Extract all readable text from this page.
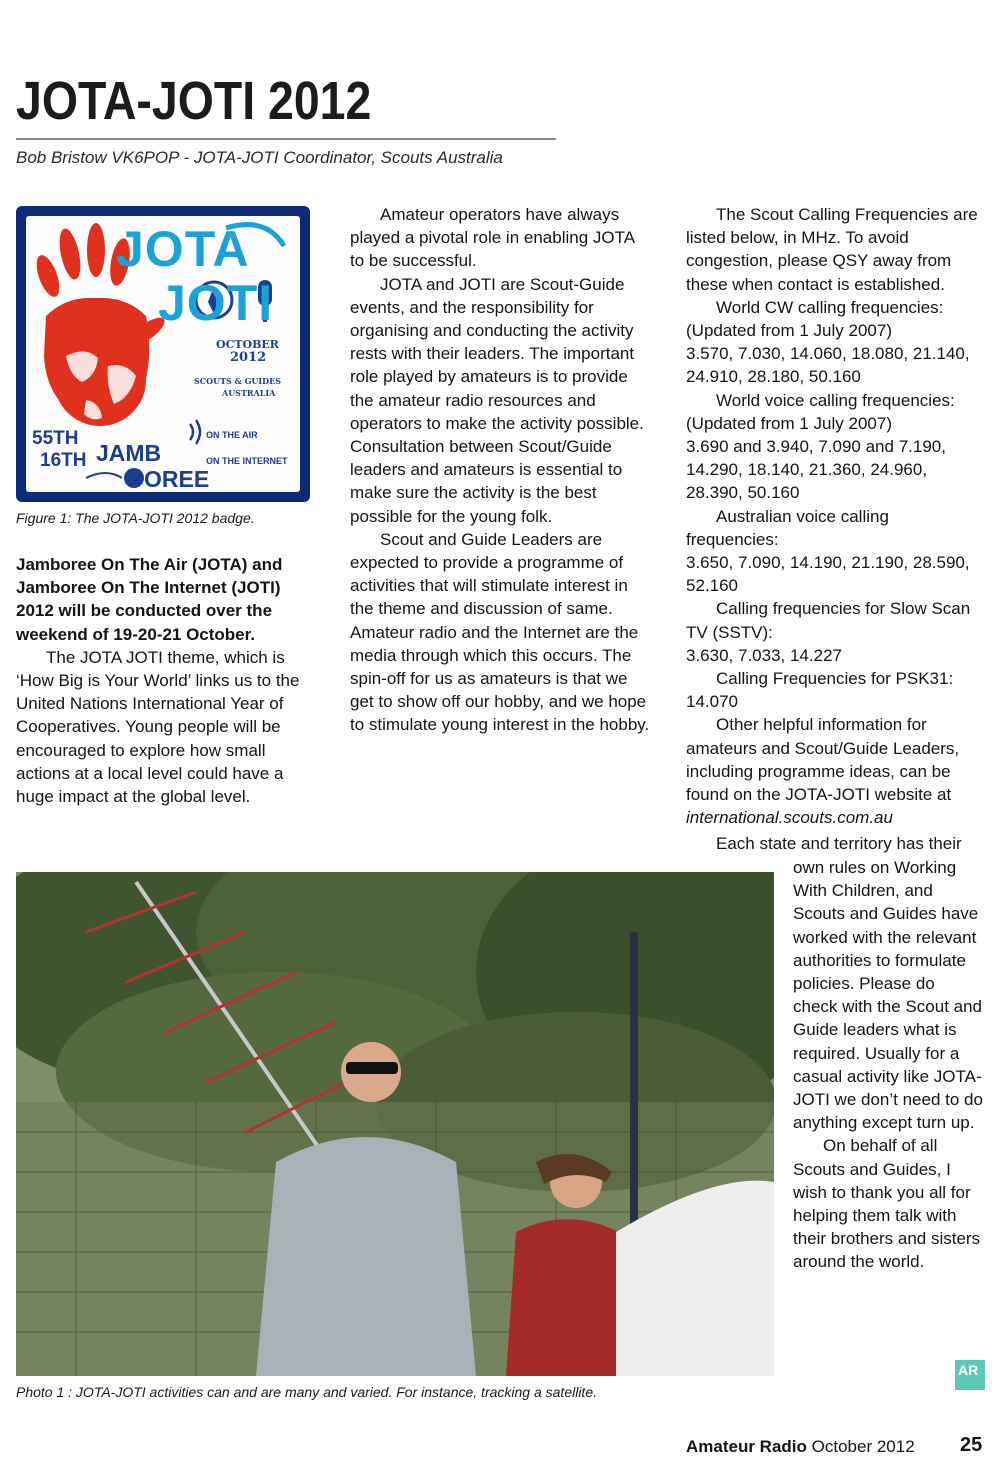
JOTA-JOTI 2012
Bob Bristow VK6POP - JOTA-JOTI Coordinator, Scouts Australia
JOTA
JOTI
OCTOBER
2012
SCOUTS & GUIDES
AUSTRALIA
55TH
16TH JAMB
OREE
ON THE AIR
ON THE INTERNET
Figure 1: The JOTA-JOTI 2012 badge.

Jamboree On The Air (JOTA) and Jamboree On The Internet (JOTI) 2012 will be conducted over the weekend of 19-20-21 October.

The JOTA JOTI theme, which is ‘How Big is Your World’ links us to the United Nations International Year of Cooperatives. Young people will be encouraged to explore how small actions at a local level could have a huge impact at the global level.

Amateur operators have always played a pivotal role in enabling JOTA to be successful.

JOTA and JOTI are Scout-Guide events, and the responsibility for organising and conducting the activity rests with their leaders. The important role played by amateurs is to provide the amateur radio resources and operators to make the activity possible. Consultation between Scout/Guide leaders and amateurs is essential to make sure the activity is the best possible for the young folk.

Scout and Guide Leaders are expected to provide a programme of activities that will stimulate interest in the theme and discussion of same. Amateur radio and the Internet are the media through which this occurs. The spin-off for us as amateurs is that we get to show off our hobby, and we hope to stimulate young interest in the hobby.

The Scout Calling Frequencies are listed below, in MHz. To avoid congestion, please QSY away from these when contact is established.

World CW calling frequencies:

(Updated from 1 July 2007)

3.570, 7.030, 14.060, 18.080, 21.140, 24.910, 28.180, 50.160

World voice calling frequencies:

(Updated from 1 July 2007)

3.690 and 3.940, 7.090 and 7.190, 14.290, 18.140, 21.360, 24.960, 28.390, 50.160

Australian voice calling frequencies:

3.650, 7.090, 14.190, 21.190, 28.590, 52.160

Calling frequencies for Slow Scan TV (SSTV):

3.630, 7.033, 14.227

Calling Frequencies for PSK31:

14.070

Other helpful information for amateurs and Scout/Guide Leaders, including programme ideas, can be found on the JOTA-JOTI website at

international.scouts.com.au

Each state and territory has their

own rules on Working With Children, and Scouts and Guides have worked with the relevant authorities to formulate policies. Please do check with the Scout and Guide leaders what is required. Usually for a casual activity like JOTA-JOTI we don’t need to do anything except turn up.

On behalf of all Scouts and Guides, I wish to thank you all for helping them talk with their brothers and sisters around the world.

Photo 1 : JOTA-JOTI activities can and are many and varied. For instance, tracking a satellite.
AR
Amateur Radio October 2012 25
